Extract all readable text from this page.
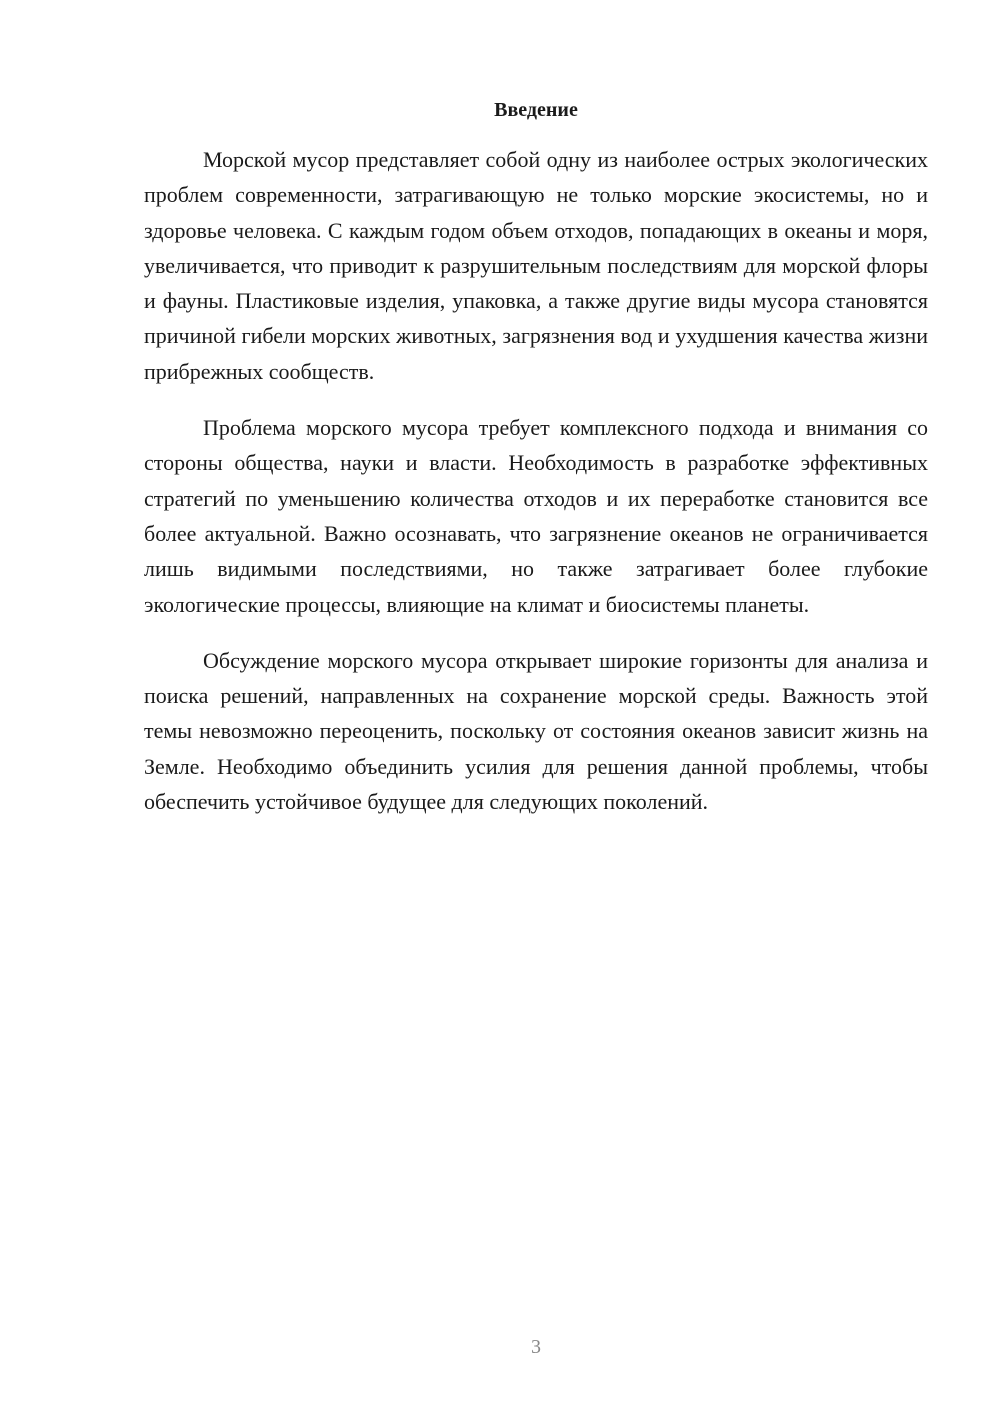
Введение

Морской мусор представляет собой одну из наиболее острых экологических проблем современности, затрагивающую не только морские экосистемы, но и здоровье человека. С каждым годом объем отходов, попадающих в океаны и моря, увеличивается, что приводит к разрушительным последствиям для морской флоры и фауны. Пластиковые изделия, упаковка, а также другие виды мусора становятся причиной гибели морских животных, загрязнения вод и ухудшения качества жизни прибрежных сообществ.

Проблема морского мусора требует комплексного подхода и внимания со стороны общества, науки и власти. Необходимость в разработке эффективных стратегий по уменьшению количества отходов и их переработке становится все более актуальной. Важно осознавать, что загрязнение океанов не ограничивается лишь видимыми последствиями, но также затрагивает более глубокие экологические процессы, влияющие на климат и биосистемы планеты.

Обсуждение морского мусора открывает широкие горизонты для анализа и поиска решений, направленных на сохранение морской среды. Важность этой темы невозможно переоценить, поскольку от состояния океанов зависит жизнь на Земле. Необходимо объединить усилия для решения данной проблемы, чтобы обеспечить устойчивое будущее для следующих поколений.

3
